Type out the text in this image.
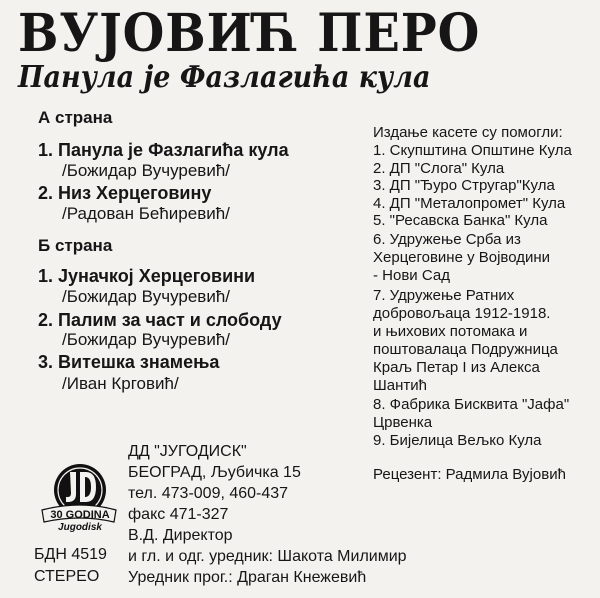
ВУЈОВИЋ ПЕРО
Панула је Фазлагића кула
А страна
1. Панула је Фазлагића кула
/Божидар Вучуревић/
2. Низ Херцеговину
/Радован Бећиревић/
Б страна
1. Јуначкој Херцеговини
/Божидар Вучуревић/
2. Палим за част и слободу
/Божидар Вучуревић/
3. Витешка знамења
/Иван Крговић/
Издање касете су помогли:
1. Скупштина Општине Кула
2. ДП "Слога" Кула
3. ДП "Ђуро Стругар"Кула
4. ДП "Металопромет" Кула
5. "Ресавска Банка" Кула
6. Удружење Срба из
Херцеговине у Војводини
- Нови Сад
7. Удружење Ратних
добровољаца 1912-1918.
и њихових потомака и
поштовалаца Подружница
Краљ Петар I из Алекса
Шантић
8. Фабрика Бисквита "Јафа"
Црвенка
9. Бијелица Вељко Кула
Рецезент: Радмила Вујовић
ДД "ЈУГОДИСК"
БЕОГРАД, Љубичка 15
тел. 473-009, 460-437
факс 471-327
В.Д. Директор
и гл. и одг. уредник: Шакота Милимир
Уредник прог.: Драган Кнежевић
БДН 4519
СТЕРЕО
30 GODINA
Jugodisk
